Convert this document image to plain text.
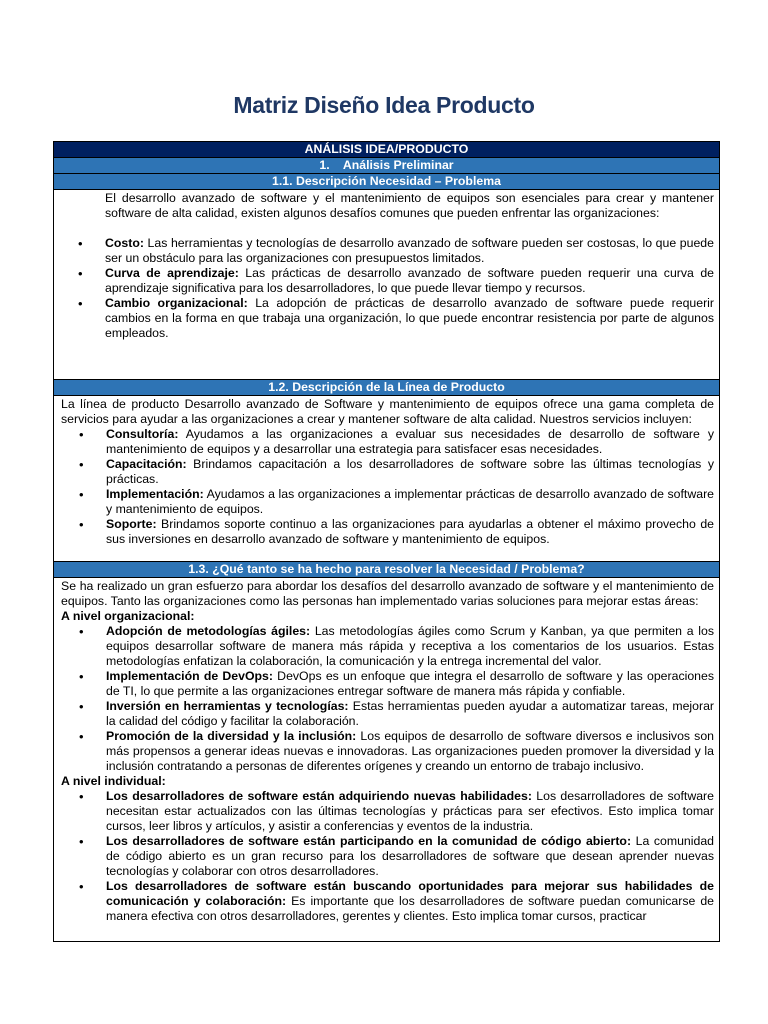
Matriz Diseño Idea Producto
ANÁLISIS IDEA/PRODUCTO
1.    Análisis Preliminar
1.1. Descripción Necesidad – Problema
El desarrollo avanzado de software y el mantenimiento de equipos son esenciales para crear y mantener software de alta calidad, existen algunos desafíos comunes que pueden enfrentar las organizaciones:
• Costo: Las herramientas y tecnologías de desarrollo avanzado de software pueden ser costosas, lo que puede ser un obstáculo para las organizaciones con presupuestos limitados.
• Curva de aprendizaje: Las prácticas de desarrollo avanzado de software pueden requerir una curva de aprendizaje significativa para los desarrolladores, lo que puede llevar tiempo y recursos.
• Cambio organizacional: La adopción de prácticas de desarrollo avanzado de software puede requerir cambios en la forma en que trabaja una organización, lo que puede encontrar resistencia por parte de algunos empleados.
1.2. Descripción de la Línea de Producto
La línea de producto Desarrollo avanzado de Software y mantenimiento de equipos ofrece una gama completa de servicios para ayudar a las organizaciones a crear y mantener software de alta calidad. Nuestros servicios incluyen:
• Consultoría: Ayudamos a las organizaciones a evaluar sus necesidades de desarrollo de software y mantenimiento de equipos y a desarrollar una estrategia para satisfacer esas necesidades.
• Capacitación: Brindamos capacitación a los desarrolladores de software sobre las últimas tecnologías y prácticas.
• Implementación: Ayudamos a las organizaciones a implementar prácticas de desarrollo avanzado de software y mantenimiento de equipos.
• Soporte: Brindamos soporte continuo a las organizaciones para ayudarlas a obtener el máximo provecho de sus inversiones en desarrollo avanzado de software y mantenimiento de equipos.
1.3. ¿Qué tanto se ha hecho para resolver la Necesidad / Problema?
Se ha realizado un gran esfuerzo para abordar los desafíos del desarrollo avanzado de software y el mantenimiento de equipos. Tanto las organizaciones como las personas han implementado varias soluciones para mejorar estas áreas:
A nivel organizacional:
• Adopción de metodologías ágiles: Las metodologías ágiles como Scrum y Kanban, ya que permiten a los equipos desarrollar software de manera más rápida y receptiva a los comentarios de los usuarios. Estas metodologías enfatizan la colaboración, la comunicación y la entrega incremental del valor.
• Implementación de DevOps: DevOps es un enfoque que integra el desarrollo de software y las operaciones de TI, lo que permite a las organizaciones entregar software de manera más rápida y confiable.
• Inversión en herramientas y tecnologías: Estas herramientas pueden ayudar a automatizar tareas, mejorar la calidad del código y facilitar la colaboración.
• Promoción de la diversidad y la inclusión: Los equipos de desarrollo de software diversos e inclusivos son más propensos a generar ideas nuevas e innovadoras. Las organizaciones pueden promover la diversidad y la inclusión contratando a personas de diferentes orígenes y creando un entorno de trabajo inclusivo.
A nivel individual:
• Los desarrolladores de software están adquiriendo nuevas habilidades: Los desarrolladores de software necesitan estar actualizados con las últimas tecnologías y prácticas para ser efectivos. Esto implica tomar cursos, leer libros y artículos, y asistir a conferencias y eventos de la industria.
• Los desarrolladores de software están participando en la comunidad de código abierto: La comunidad de código abierto es un gran recurso para los desarrolladores de software que desean aprender nuevas tecnologías y colaborar con otros desarrolladores.
• Los desarrolladores de software están buscando oportunidades para mejorar sus habilidades de comunicación y colaboración: Es importante que los desarrolladores de software puedan comunicarse de manera efectiva con otros desarrolladores, gerentes y clientes. Esto implica tomar cursos, practicar
